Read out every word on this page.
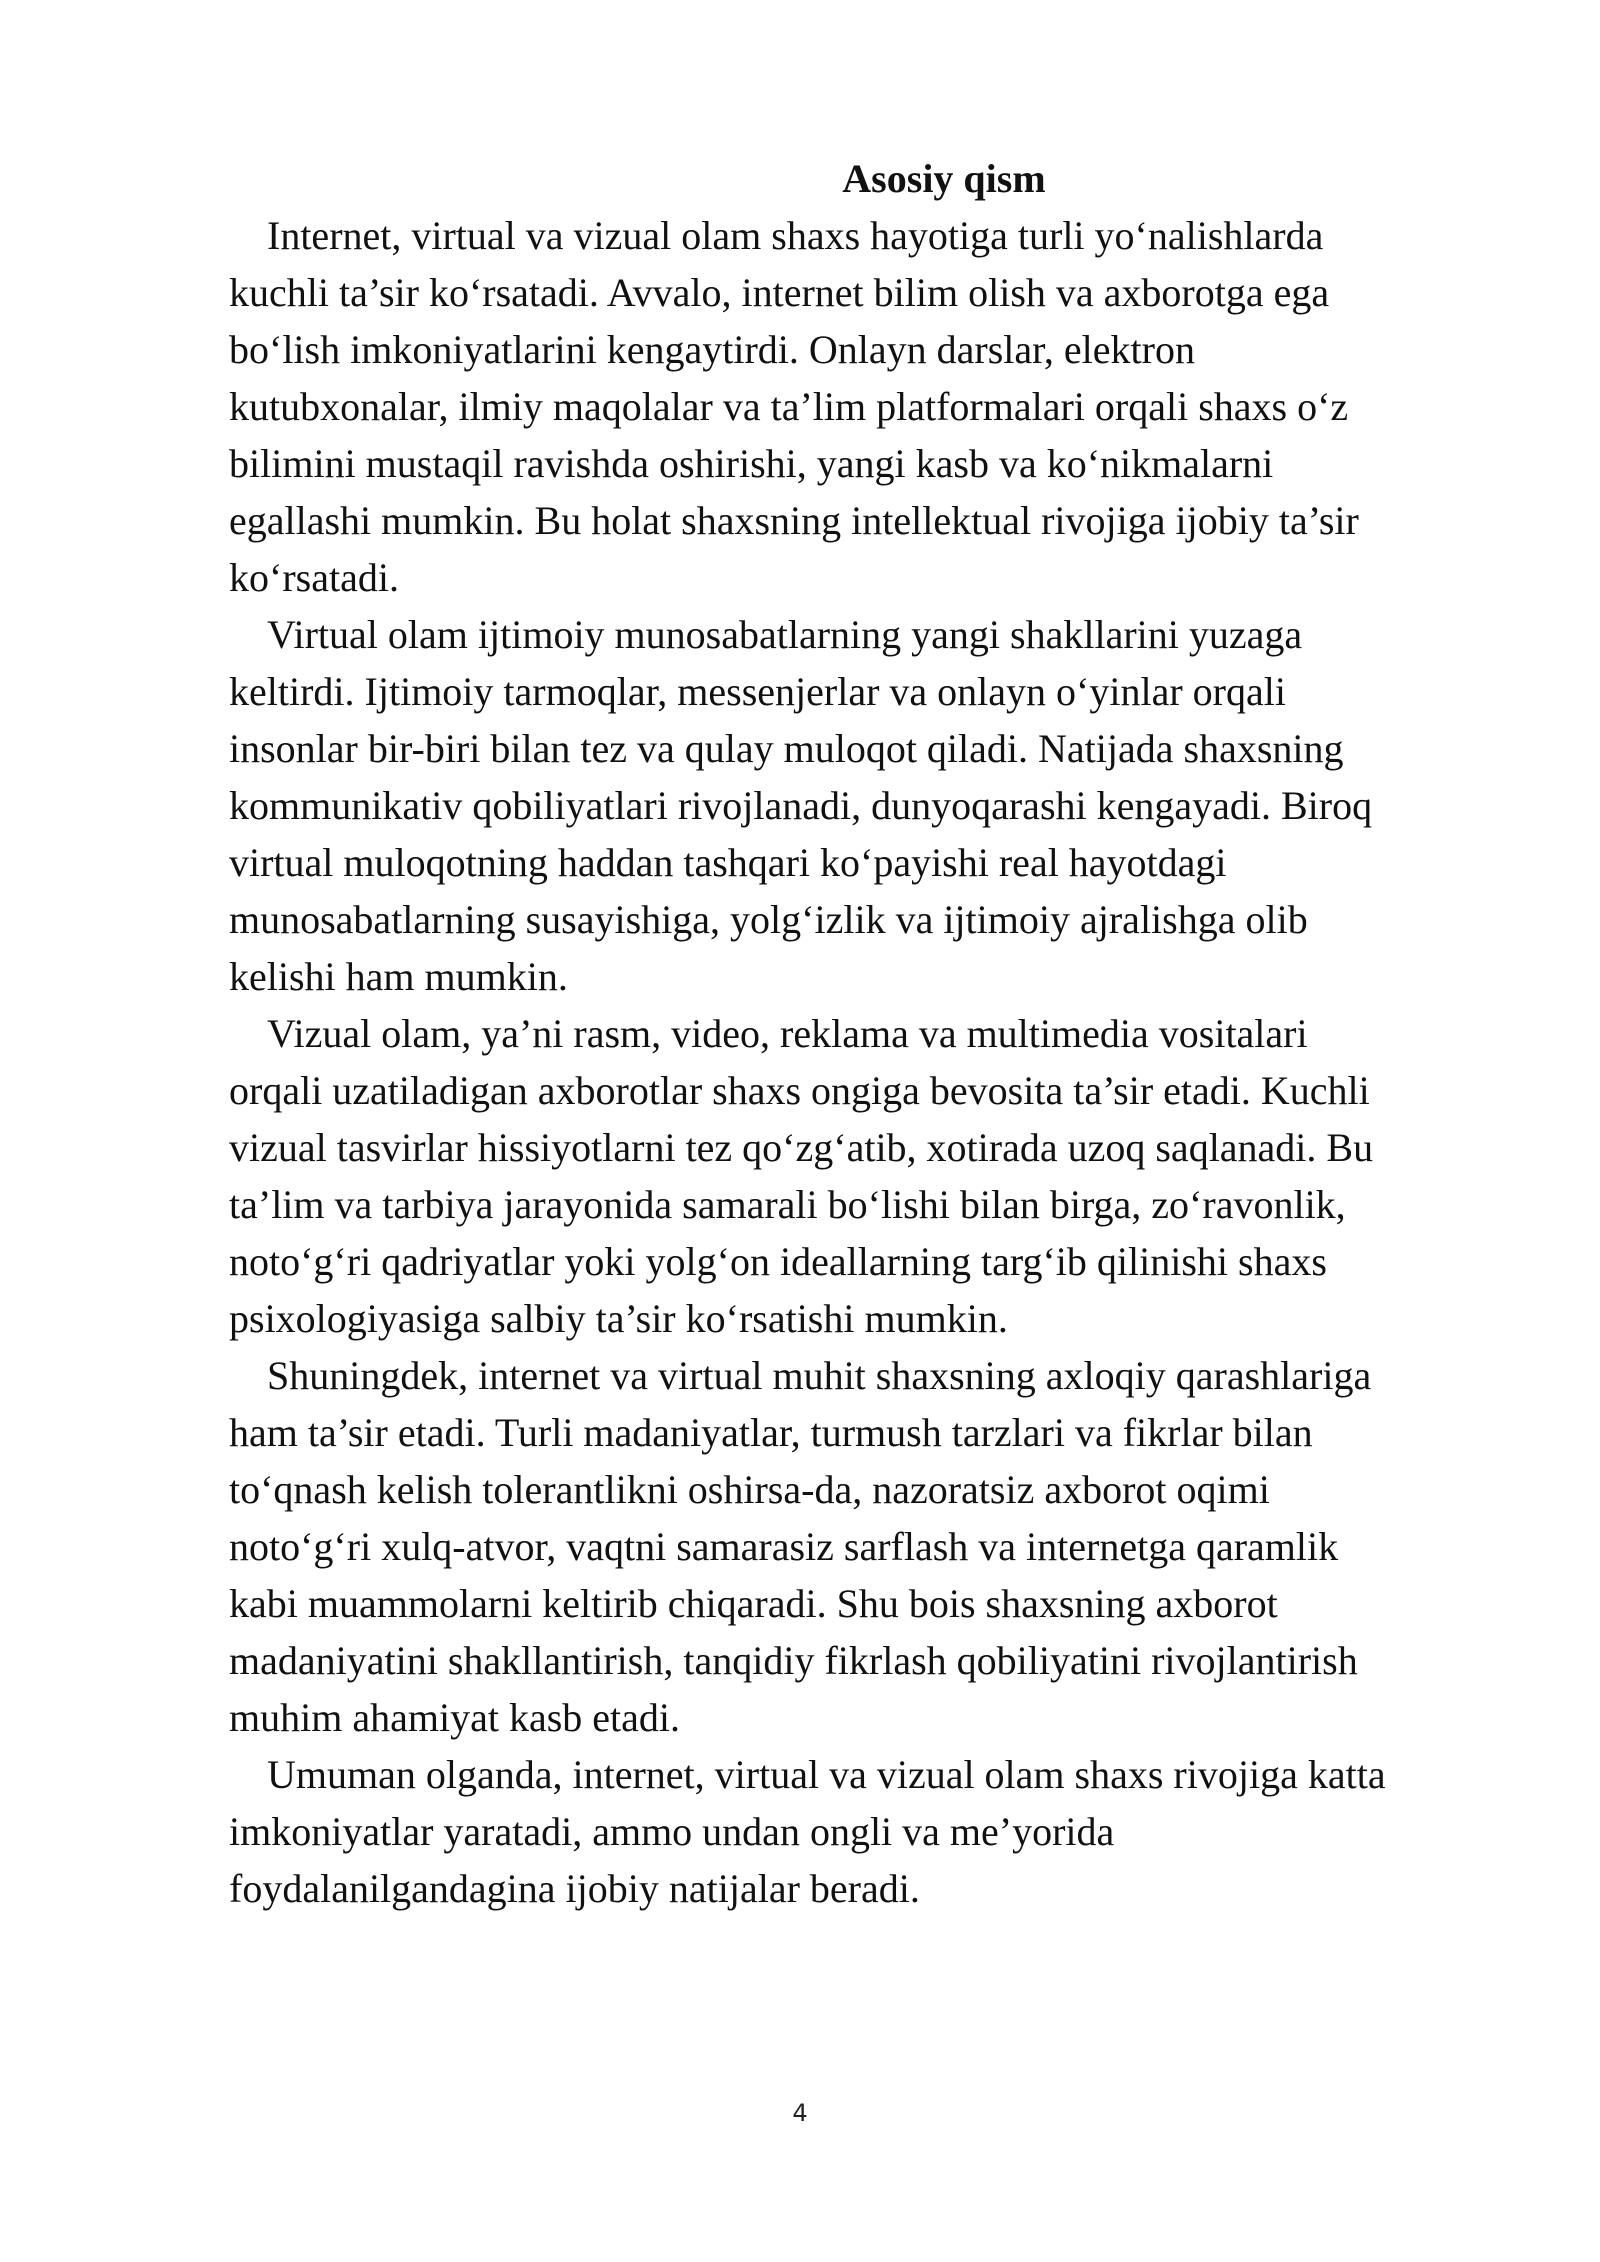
Asosiy qism
Internet, virtual va vizual olam shaxs hayotiga turli yo‘nalishlarda
kuchli ta’sir ko‘rsatadi. Avvalo, internet bilim olish va axborotga ega
bo‘lish imkoniyatlarini kengaytirdi. Onlayn darslar, elektron
kutubxonalar, ilmiy maqolalar va ta’lim platformalari orqali shaxs o‘z
bilimini mustaqil ravishda oshirishi, yangi kasb va ko‘nikmalarni
egallashi mumkin. Bu holat shaxsning intellektual rivojiga ijobiy ta’sir
ko‘rsatadi.
Virtual olam ijtimoiy munosabatlarning yangi shakllarini yuzaga
keltirdi. Ijtimoiy tarmoqlar, messenjerlar va onlayn o‘yinlar orqali
insonlar bir-biri bilan tez va qulay muloqot qiladi. Natijada shaxsning
kommunikativ qobiliyatlari rivojlanadi, dunyoqarashi kengayadi. Biroq
virtual muloqotning haddan tashqari ko‘payishi real hayotdagi
munosabatlarning susayishiga, yolg‘izlik va ijtimoiy ajralishga olib
kelishi ham mumkin.
Vizual olam, ya’ni rasm, video, reklama va multimedia vositalari
orqali uzatiladigan axborotlar shaxs ongiga bevosita ta’sir etadi. Kuchli
vizual tasvirlar hissiyotlarni tez qo‘zg‘atib, xotirada uzoq saqlanadi. Bu
ta’lim va tarbiya jarayonida samarali bo‘lishi bilan birga, zo‘ravonlik,
noto‘g‘ri qadriyatlar yoki yolg‘on ideallarning targ‘ib qilinishi shaxs
psixologiyasiga salbiy ta’sir ko‘rsatishi mumkin.
Shuningdek, internet va virtual muhit shaxsning axloqiy qarashlariga
ham ta’sir etadi. Turli madaniyatlar, turmush tarzlari va fikrlar bilan
to‘qnash kelish tolerantlikni oshirsa-da, nazoratsiz axborot oqimi
noto‘g‘ri xulq-atvor, vaqtni samarasiz sarflash va internetga qaramlik
kabi muammolarni keltirib chiqaradi. Shu bois shaxsning axborot
madaniyatini shakllantirish, tanqidiy fikrlash qobiliyatini rivojlantirish
muhim ahamiyat kasb etadi.
Umuman olganda, internet, virtual va vizual olam shaxs rivojiga katta
imkoniyatlar yaratadi, ammo undan ongli va me’yorida
foydalanilgandagina ijobiy natijalar beradi.
4
